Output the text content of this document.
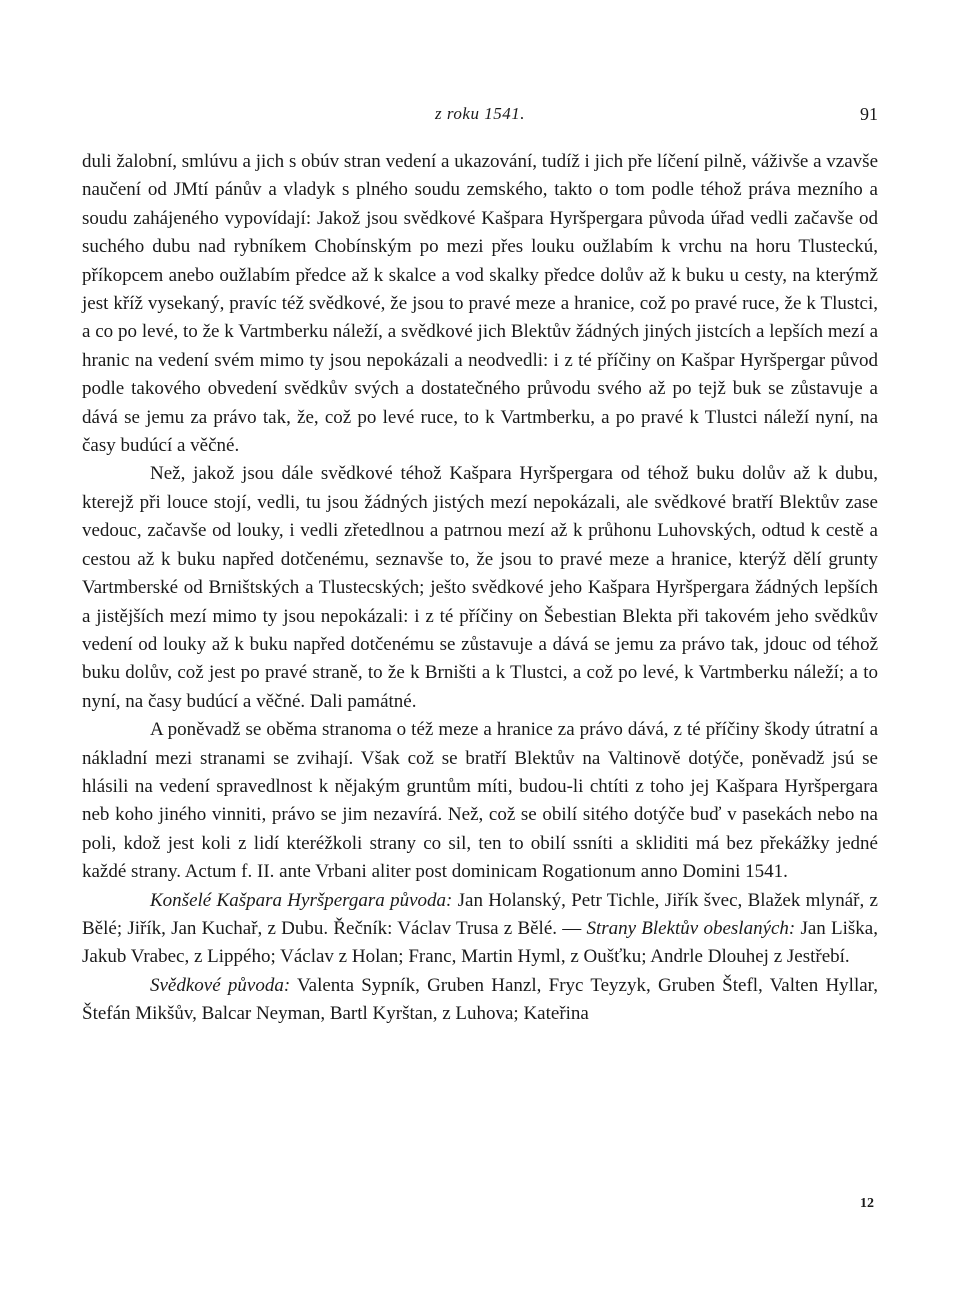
z roku 1541.	91

duli žalobní, smlúvu a jich s obúv stran vedení a ukazování, tudíž i jich pře líčení pilně, váživše a vzavše naučení od JMtí pánův a vladyk s plného soudu zemského, takto o tom podle téhož práva mezního a soudu zahájeného vypovídají: Jakož jsou svědkové Kašpara Hyršpergara původa úřad vedli začavše od suchého dubu nad rybníkem Chobínským po mezi přes louku oužlabím k vrchu na horu Tlusteckú, příkopcem anebo oužlabím předce až k skalce a vod skalky předce dolův až k buku u cesty, na kterýmž jest kříž vysekaný, pravíc též svědkové, že jsou to pravé meze a hranice, což po pravé ruce, že k Tlustci, a co po levé, to že k Vartmberku náleží, a svědkové jich Blektův žádných jiných jistcích a lepších mezí a hranic na vedení svém mimo ty jsou nepokázali a neodvedli: i z té příčiny on Kašpar Hyršpergar původ podle takového obvedení svědkův svých a dostatečného průvodu svého až po tejž buk se zůstavuje a dává se jemu za právo tak, že, což po levé ruce, to k Vartmberku, a po pravé k Tlustci náleží nyní, na časy budúcí a věčné.

Než, jakož jsou dále svědkové téhož Kašpara Hyršpergara od téhož buku dolův až k dubu, kterejž při louce stojí, vedli, tu jsou žádných jistých mezí nepokázali, ale svědkové bratří Blektův zase vedouc, začavše od louky, i vedli zřetedlnou a patrnou mezí až k průhonu Luhovských, odtud k cestě a cestou až k buku napřed dotčenému, seznavše to, že jsou to pravé meze a hranice, kterýž dělí grunty Vartmberské od Brništských a Tlustecských; ješto svědkové jeho Kašpara Hyršpergara žádných lepších a jistějších mezí mimo ty jsou nepokázali: i z té příčiny on Šebestian Blekta při takovém jeho svědkův vedení od louky až k buku napřed dotčenému se zůstavuje a dává se jemu za právo tak, jdouc od téhož buku dolův, což jest po pravé straně, to že k Brništi a k Tlustci, a což po levé, k Vartmberku náleží; a to nyní, na časy budúcí a věčné. Dali památné.

A poněvadž se oběma stranoma o též meze a hranice za právo dává, z té příčiny škody útratní a nákladní mezi stranami se zvihají. Však což se bratří Blektův na Valtinově dotýče, poněvadž jsú se hlásili na vedení spravedlnost k nějakým gruntům míti, budou-li chtíti z toho jej Kašpara Hyršpergara neb koho jiného vinniti, právo se jim nezavírá. Než, což se obilí sitého dotýče buď v pasekách nebo na poli, kdož jest koli z lidí kteréžkoli strany co sil, ten to obilí ssníti a skliditi má bez překážky jedné každé strany. Actum f. II. ante Vrbani aliter post dominicam Rogationum anno Domini 1541.

Konšelé Kašpara Hyršpergara původa: Jan Holanský, Petr Tichle, Jiřík švec, Blažek mlynář, z Bělé; Jiřík, Jan Kuchař, z Dubu. Řečník: Václav Trusa z Bělé. — Strany Blektův obeslaných: Jan Liška, Jakub Vrabec, z Lippého; Václav z Holan; Franc, Martin Hyml, z Oušťku; Andrle Dlouhej z Jestřebí.

Svědkové původa: Valenta Sypník, Gruben Hanzl, Fryc Teyzyk, Gruben Štefl, Valten Hyllar, Štefán Mikšův, Balcar Neyman, Bartl Kyrštan, z Luhova; Kateřina

12
